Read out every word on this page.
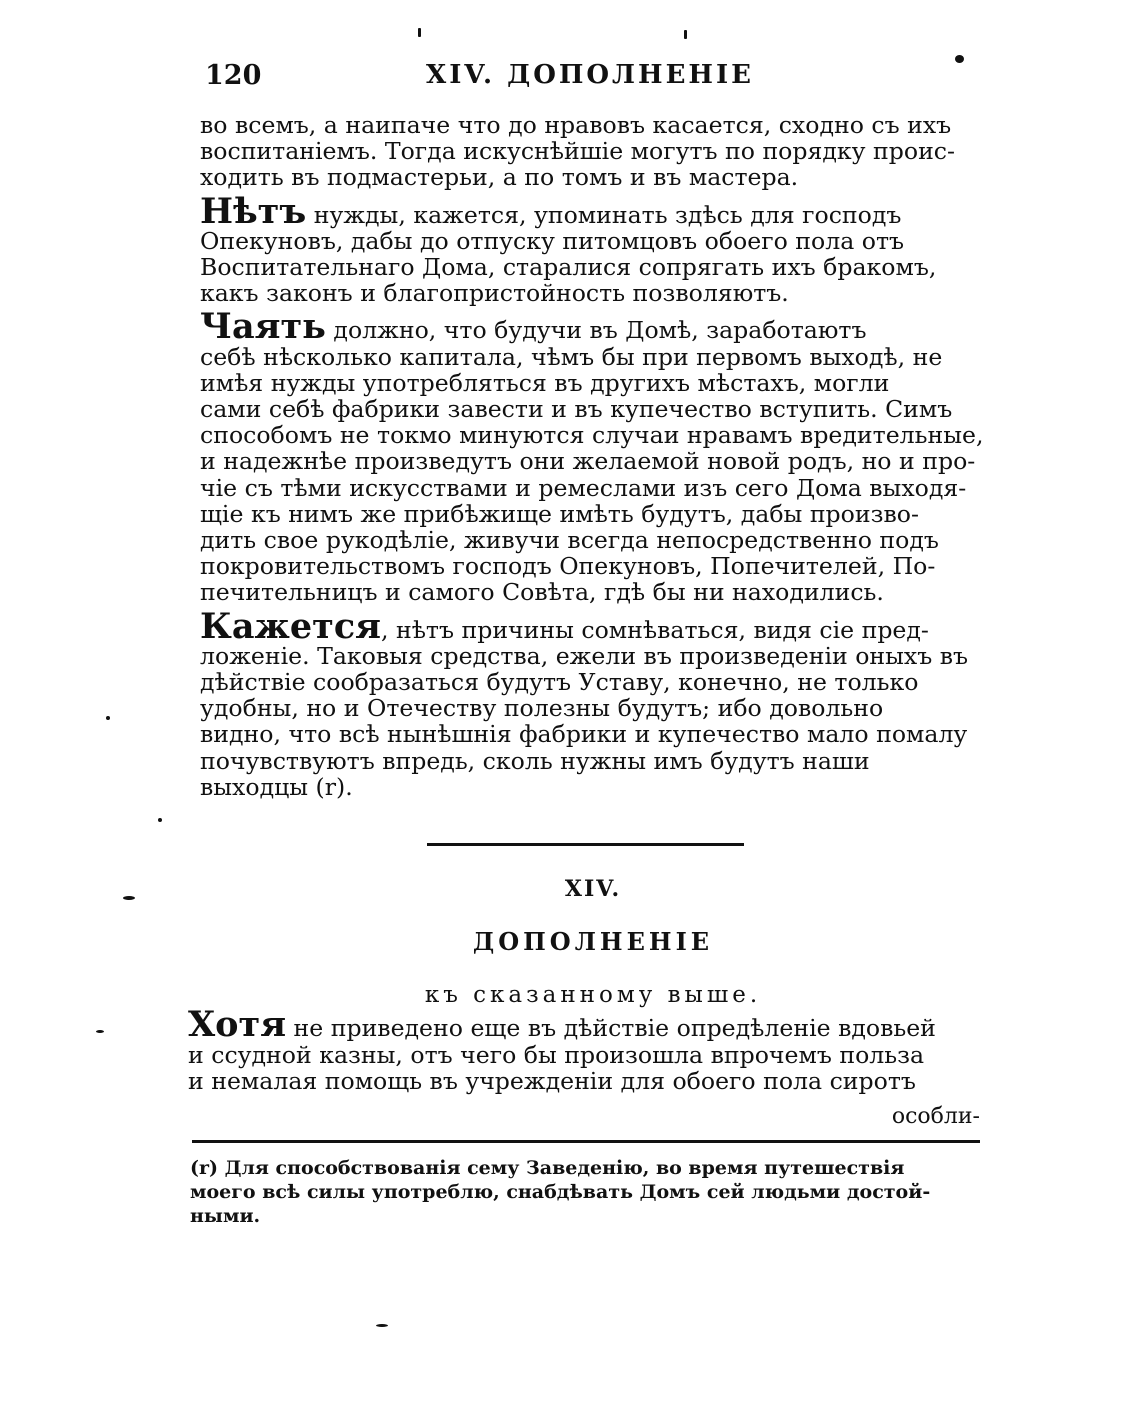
120	XIV. ДОПОЛНЕНІЕ

во всемъ, а наипаче что до нравовъ касается, сходно съ ихъ
воспитаніемъ. Тогда искуснѣйшіе могутъ по порядку проис-
ходить въ подмастерьи, а по томъ и въ мастера.

Нѣтъ нужды, кажется, упоминать здѣсь для господъ
Опекуновъ, дабы до отпуску питомцовъ обоего пола отъ
Воспитательнаго Дома, старалися сопрягать ихъ бракомъ,
какъ законъ и благопристойность позволяютъ.

Чаять должно, что будучи въ Домѣ, заработаютъ
себѣ нѣсколько капитала, чѣмъ бы при первомъ выходѣ, не
имѣя нужды употребляться въ другихъ мѣстахъ, могли
сами себѣ фабрики завести и въ купечество вступить. Симъ
способомъ не токмо минуются случаи нравамъ вредительные,
и надежнѣе произведутъ они желаемой новой родъ, но и про-
чіе съ тѣми искусствами и ремеслами изъ сего Дома выходя-
щіе къ нимъ же прибѣжище имѣть будутъ, дабы произво-
дить свое рукодѣліе, живучи всегда непосредственно подъ
покровительствомъ господъ Опекуновъ, Попечителей, По-
печительницъ и самого Совѣта, гдѣ бы ни находились.

Кажется, нѣтъ причины сомнѣваться, видя сіе пред-
ложеніе. Таковыя средства, ежели въ произведеніи оныхъ въ
дѣйствіе сообразаться будутъ Уставу, конечно, не только
удобны, но и Отечеству полезны будутъ; ибо довольно
видно, что всѣ нынѣшнія фабрики и купечество мало помалу
почувствуютъ впредь, сколь нужны имъ будутъ наши
выходцы (r).

XIV.
ДОПОЛНЕНІЕ
къ сказанному выше.

Хотя не приведено еще въ дѣйствіе опредѣленіе вдовьей
и ссудной казны, отъ чего бы произошла впрочемъ польза
и немалая помощь въ учрежденіи для обоего пола сиротъ

особли-
(r) Для способствованія сему Заведенію, во время путешествія
моего всѣ силы употреблю, снабдѣвать Домъ сей людьми достой-
ными.
